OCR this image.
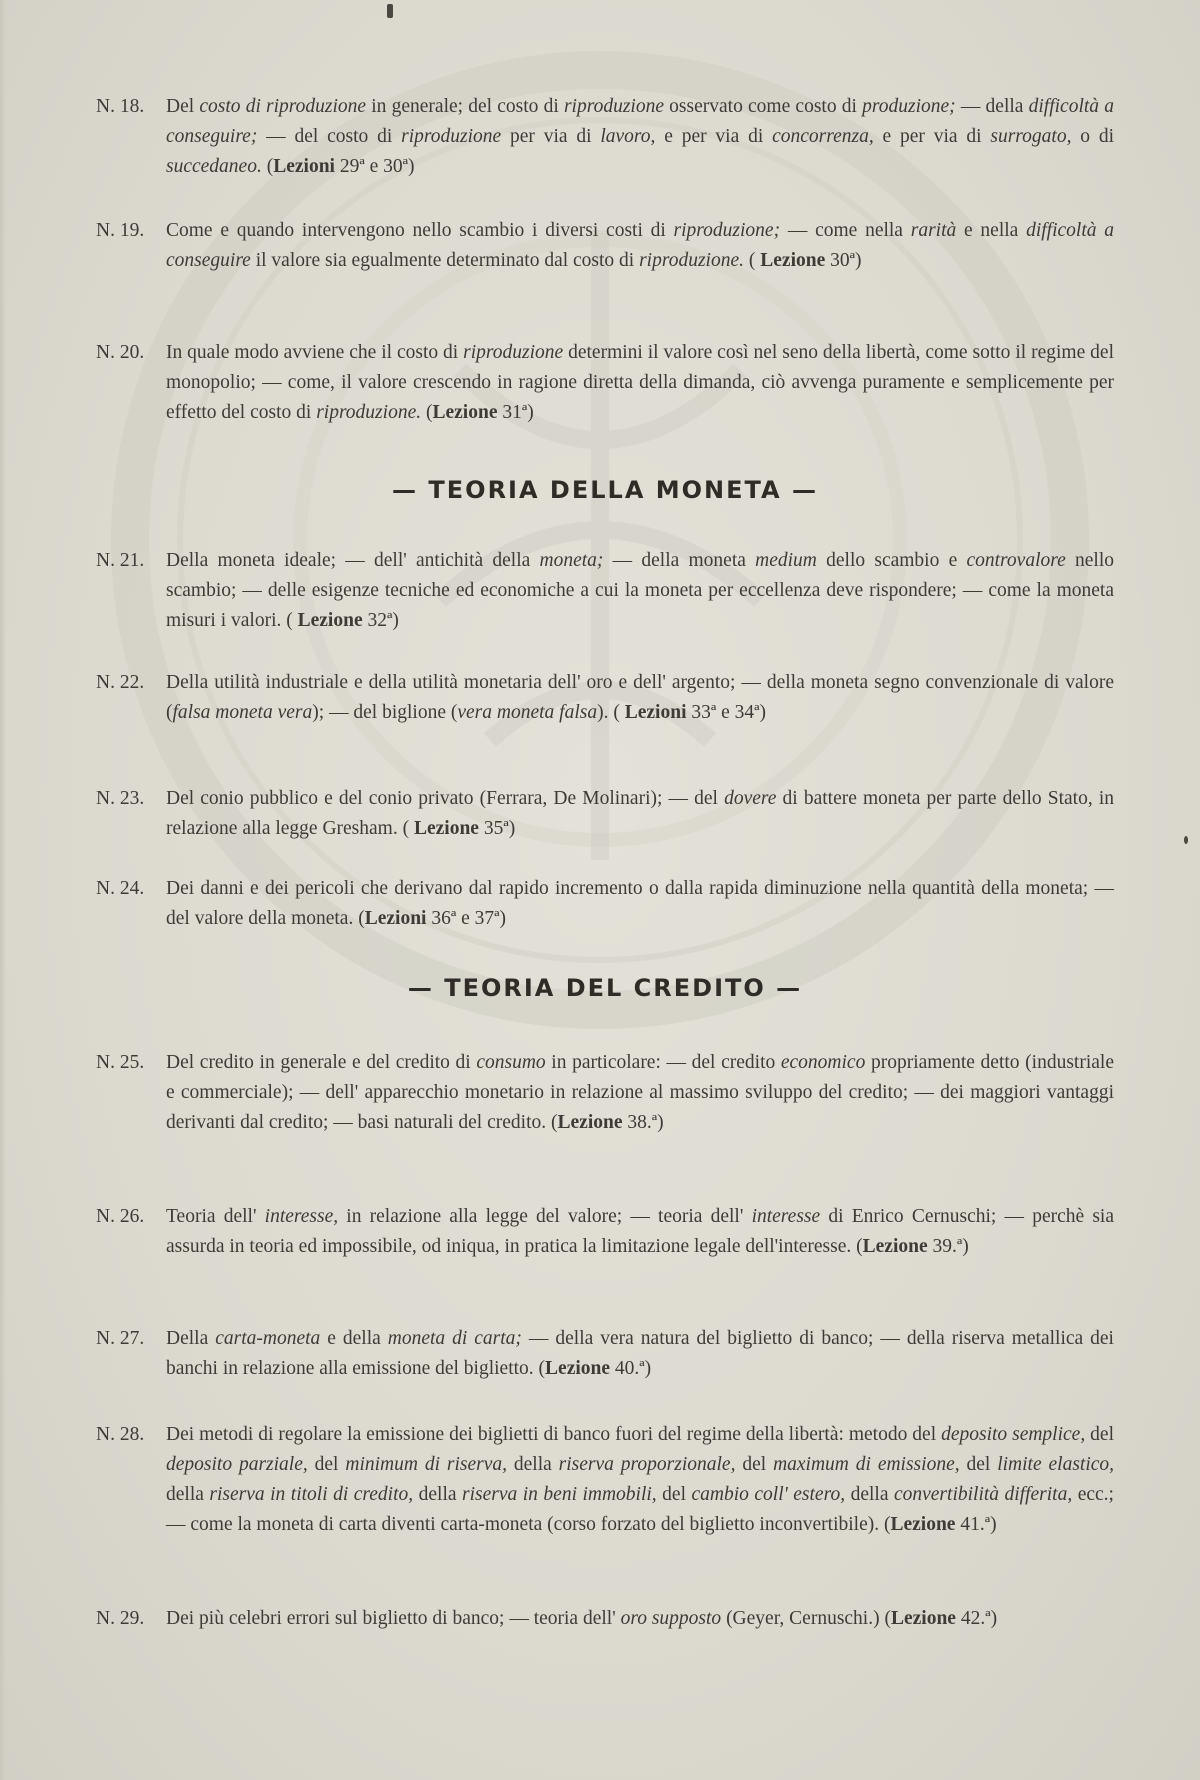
N. 18.	Del costo di riproduzione in generale; del costo di riproduzione osservato come costo di produzione; — della difficoltà a conseguire; — del costo di riproduzione per via di lavoro, e per via di concorrenza, e per via di surrogato, o di succedaneo. (Lezioni 29ª e 30ª)
N. 19.	Come e quando intervengono nello scambio i diversi costi di riproduzione; — come nella rarità e nella difficoltà a conseguire il valore sia egualmente determinato dal costo di riproduzione. ( Lezione 30ª)
N. 20.	In quale modo avviene che il costo di riproduzione determini il valore così nel seno della libertà, come sotto il regime del monopolio; — come, il valore crescendo in ragione diretta della dimanda, ciò avvenga puramente e semplicemente per effetto del costo di riproduzione. (Lezione 31ª)
— TEORIA DELLA MONETA —
N. 21.	Della moneta ideale; — dell' antichità della moneta; — della moneta medium dello scambio e controvalore nello scambio; — delle esigenze tecniche ed economiche a cui la moneta per eccellenza deve rispondere; — come la moneta misuri i valori. ( Lezione 32ª)
N. 22.	Della utilità industriale e della utilità monetaria dell' oro e dell' argento; — della moneta segno convenzionale di valore (falsa moneta vera); — del biglione (vera moneta falsa). ( Lezioni 33ª e 34ª)
N. 23.	Del conio pubblico e del conio privato (Ferrara, De Molinari); — del dovere di battere moneta per parte dello Stato, in relazione alla legge Gresham. ( Lezione 35ª)
N. 24.	Dei danni e dei pericoli che derivano dal rapido incremento o dalla rapida diminuzione nella quantità della moneta; — del valore della moneta. (Lezioni 36ª e 37ª)
— TEORIA DEL CREDITO —
N. 25.	Del credito in generale e del credito di consumo in particolare: — del credito economico propriamente detto (industriale e commerciale); — dell' apparecchio monetario in relazione al massimo sviluppo del credito; — dei maggiori vantaggi derivanti dal credito; — basi naturali del credito. (Lezione 38.ª)
N. 26.	Teoria dell' interesse, in relazione alla legge del valore; — teoria dell' interesse di Enrico Cernuschi; — perchè sia assurda in teoria ed impossibile, od iniqua, in pratica la limitazione legale dell'interesse. (Lezione 39.ª)
N. 27.	Della carta-moneta e della moneta di carta; — della vera natura del biglietto di banco; — della riserva metallica dei banchi in relazione alla emissione del biglietto. (Lezione 40.ª)
N. 28.	Dei metodi di regolare la emissione dei biglietti di banco fuori del regime della libertà: metodo del deposito semplice, del deposito parziale, del minimum di riserva, della riserva proporzionale, del maximum di emissione, del limite elastico, della riserva in titoli di credito, della riserva in beni immobili, del cambio coll' estero, della convertibilità differita, ecc.; — come la moneta di carta diventi carta-moneta (corso forzato del biglietto inconvertibile). (Lezione 41.ª)
N. 29.	Dei più celebri errori sul biglietto di banco; — teoria dell' oro supposto (Geyer, Cernuschi.) (Lezione 42.ª)
